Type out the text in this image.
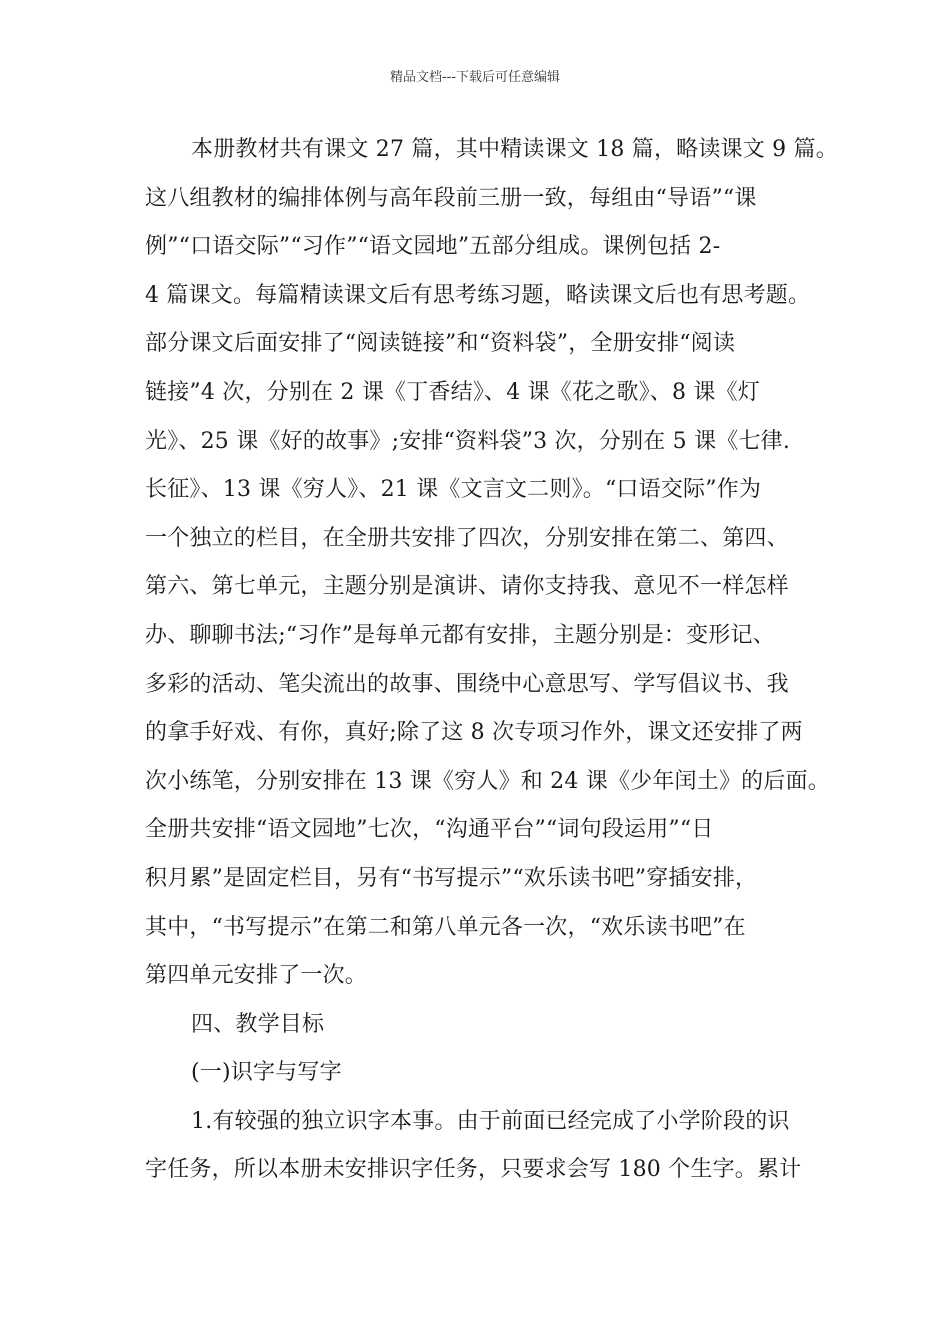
精品文档---下载后可任意编辑
本册教材共有课文 27 篇，其中精读课文 18 篇，略读课文 9 篇。
这八组教材的编排体例与高年段前三册一致，每组由“导语”“课
例”“口语交际”“习作”“语文园地”五部分组成。课例包括 2-
4 篇课文。每篇精读课文后有思考练习题，略读课文后也有思考题。
部分课文后面安排了“阅读链接”和“资料袋”，全册安排“阅读
链接”4 次，分别在 2 课《丁香结》、4 课《花之歌》、8 课《灯
光》、25 课《好的故事》;安排“资料袋”3 次，分别在 5 课《七律.
长征》、13 课《穷人》、21 课《文言文二则》。“口语交际”作为
一个独立的栏目，在全册共安排了四次，分别安排在第二、第四、
第六、第七单元，主题分别是演讲、请你支持我、意见不一样怎样
办、聊聊书法;“习作”是每单元都有安排，主题分别是：变形记、
多彩的活动、笔尖流出的故事、围绕中心意思写、学写倡议书、我
的拿手好戏、有你，真好;除了这 8 次专项习作外，课文还安排了两
次小练笔，分别安排在 13 课《穷人》和 24 课《少年闰土》的后面。
全册共安排“语文园地”七次，“沟通平台”“词句段运用”“日
积月累”是固定栏目，另有“书写提示”“欢乐读书吧”穿插安排，
其中，“书写提示”在第二和第八单元各一次，“欢乐读书吧”在
第四单元安排了一次。
四、教学目标
(一)识字与写字
1.有较强的独立识字本事。由于前面已经完成了小学阶段的识
字任务，所以本册未安排识字任务，只要求会写 180 个生字。累计
